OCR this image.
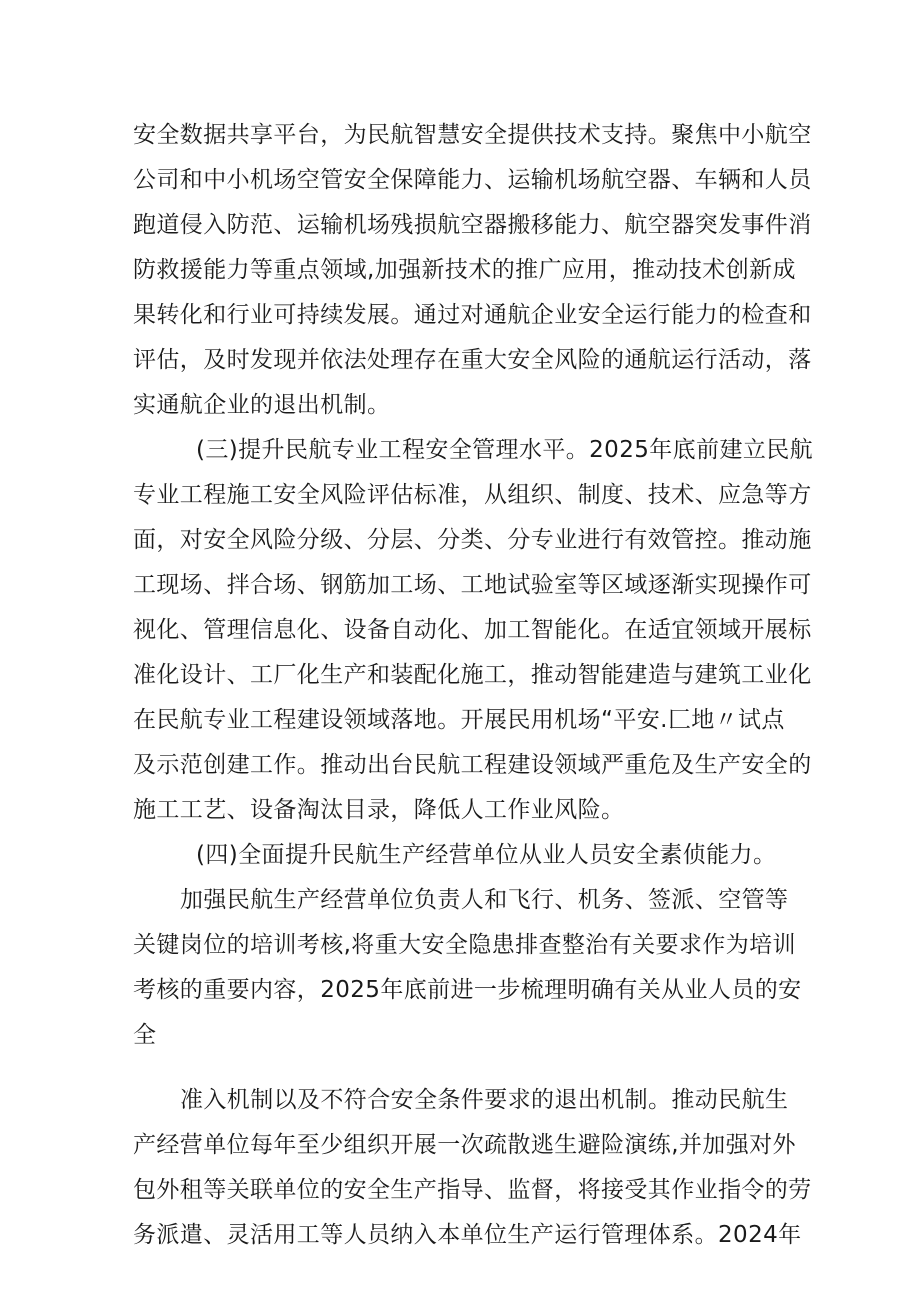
安全数据共享平台，为民航智慧安全提供技术支持。聚焦中小航空
公司和中小机场空管安全保障能力、运输机场航空器、车辆和人员
跑道侵入防范、运输机场残损航空器搬移能力、航空器突发事件消
防救援能力等重点领域,加强新技术的推广应用，推动技术创新成
果转化和行业可持续发展。通过对通航企业安全运行能力的检查和
评估，及时发现并依法处理存在重大安全风险的通航运行活动，落
实通航企业的退出机制。
(三)提升民航专业工程安全管理水平。2025年底前建立民航
专业工程施工安全风险评估标准，从组织、制度、技术、应急等方
面，对安全风险分级、分层、分类、分专业进行有效管控。推动施
工现场、拌合场、钢筋加工场、工地试验室等区域逐渐实现操作可
视化、管理信息化、设备自动化、加工智能化。在适宜领域开展标
准化设计、工厂化生产和装配化施工，推动智能建造与建筑工业化
在民航专业工程建设领域落地。开展民用机场“平安.匚地〃试点
及示范创建工作。推动出台民航工程建设领域严重危及生产安全的
施工工艺、设备淘汰目录，降低人工作业风险。
(四)全面提升民航生产经营单位从业人员安全素侦能力。
加强民航生产经营单位负责人和飞行、机务、签派、空管等
关键岗位的培训考核,将重大安全隐患排查整治有关要求作为培训
考核的重要内容，2025年底前进一步梳理明确有关从业人员的安
全
准入机制以及不符合安全条件要求的退出机制。推动民航生
产经营单位每年至少组织开展一次疏散逃生避险演练,并加强对外
包外租等关联单位的安全生产指导、监督，将接受其作业指令的劳
务派遣、灵活用工等人员纳入本单位生产运行管理体系。2024年
